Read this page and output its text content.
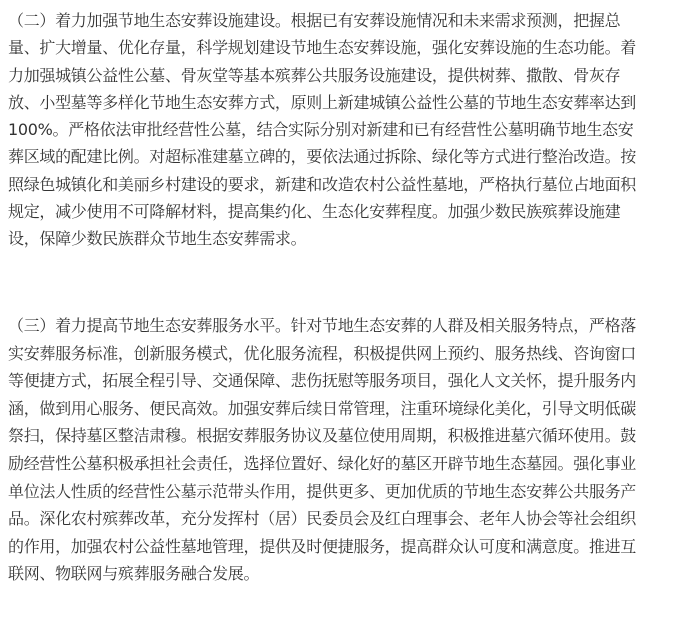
（二）着力加强节地生态安葬设施建设。根据已有安葬设施情况和未来需求预测，把握总
量、扩大增量、优化存量，科学规划建设节地生态安葬设施，强化安葬设施的生态功能。着
力加强城镇公益性公墓、骨灰堂等基本殡葬公共服务设施建设，提供树葬、撒散、骨灰存
放、小型墓等多样化节地生态安葬方式，原则上新建城镇公益性公墓的节地生态安葬率达到
100%。严格依法审批经营性公墓，结合实际分别对新建和已有经营性公墓明确节地生态安
葬区域的配建比例。对超标准建墓立碑的，要依法通过拆除、绿化等方式进行整治改造。按
照绿色城镇化和美丽乡村建设的要求，新建和改造农村公益性墓地，严格执行墓位占地面积
规定，减少使用不可降解材料，提高集约化、生态化安葬程度。加强少数民族殡葬设施建
设，保障少数民族群众节地生态安葬需求。
（三）着力提高节地生态安葬服务水平。针对节地生态安葬的人群及相关服务特点，严格落
实安葬服务标准，创新服务模式，优化服务流程，积极提供网上预约、服务热线、咨询窗口
等便捷方式，拓展全程引导、交通保障、悲伤抚慰等服务项目，强化人文关怀，提升服务内
涵，做到用心服务、便民高效。加强安葬后续日常管理，注重环境绿化美化，引导文明低碳
祭扫，保持墓区整洁肃穆。根据安葬服务协议及墓位使用周期，积极推进墓穴循环使用。鼓
励经营性公墓积极承担社会责任，选择位置好、绿化好的墓区开辟节地生态墓园。强化事业
单位法人性质的经营性公墓示范带头作用，提供更多、更加优质的节地生态安葬公共服务产
品。深化农村殡葬改革，充分发挥村（居）民委员会及红白理事会、老年人协会等社会组织
的作用，加强农村公益性墓地管理，提供及时便捷服务，提高群众认可度和满意度。推进互
联网、物联网与殡葬服务融合发展。
